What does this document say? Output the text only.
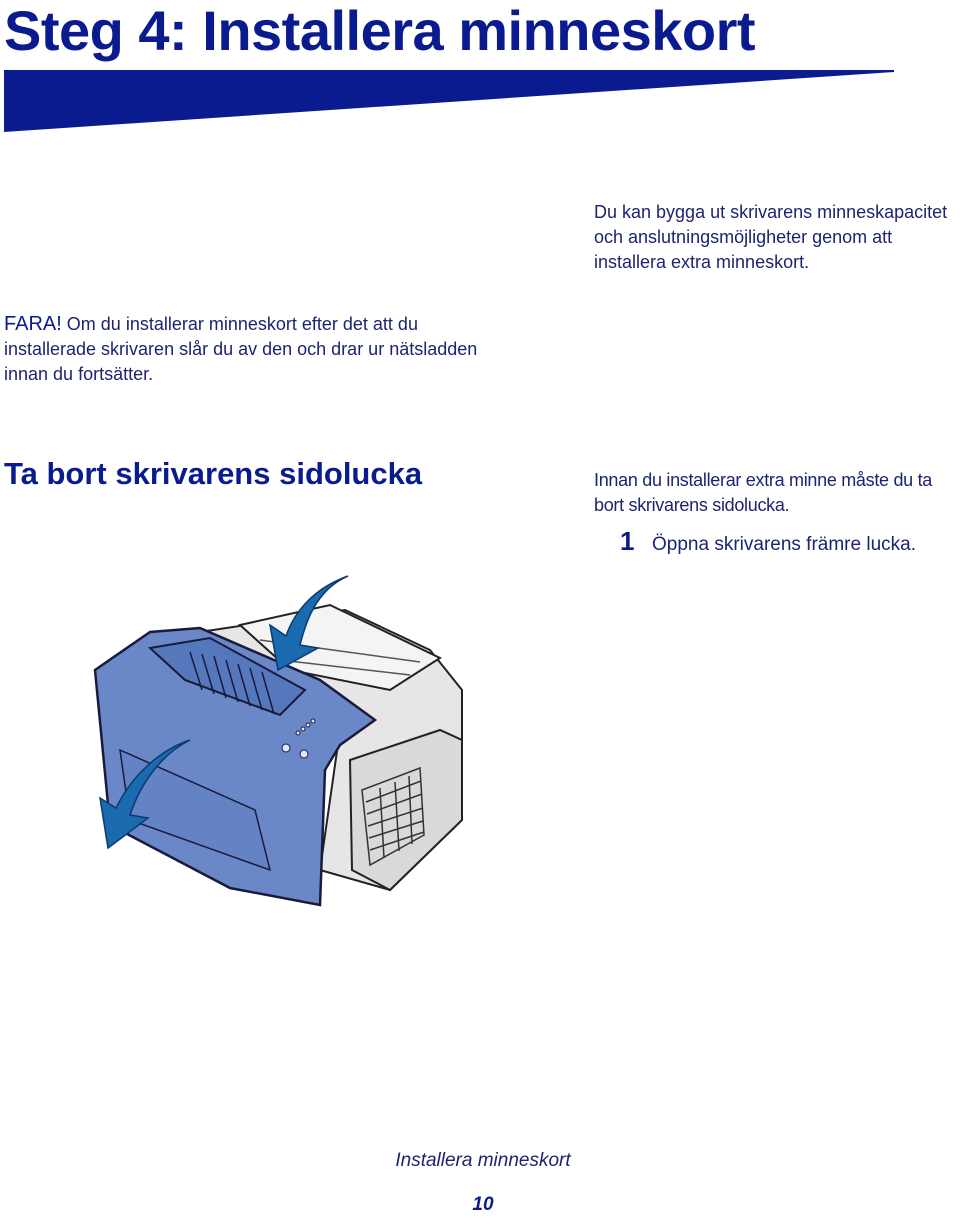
Steg 4: Installera minneskort

Du kan bygga ut skrivarens minneskapacitet och anslutningsmöjligheter genom att installera extra minneskort.

FARA! Om du installerar minneskort efter det att du installerade skrivaren slår du av den och drar ur nätsladden innan du fortsätter.

Ta bort skrivarens sidolucka	Innan du installerar extra minne måste du ta bort skrivarens sidolucka.

1 Öppna skrivarens främre lucka.
Installera minneskort
10
